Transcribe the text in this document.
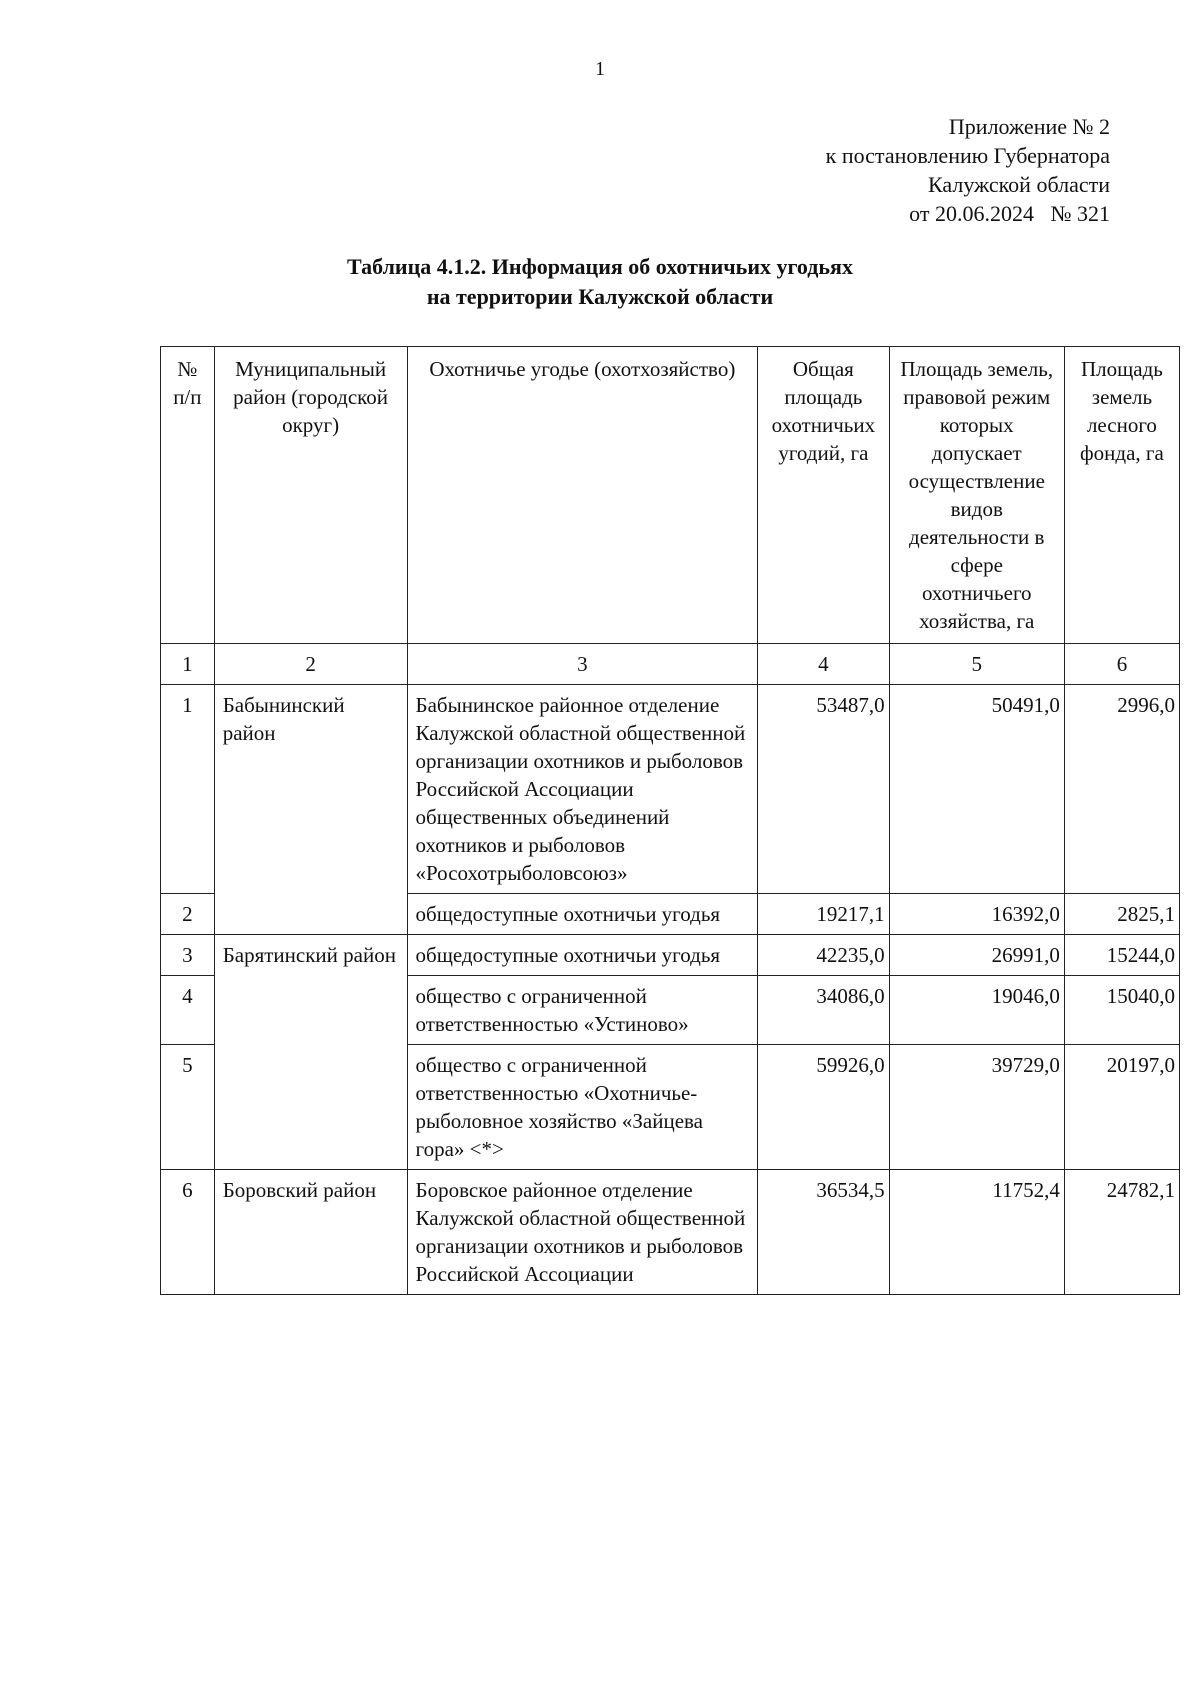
1
Приложение № 2
к постановлению Губернатора
Калужской области
от 20.06.2024   № 321
Таблица 4.1.2. Информация об охотничьих угодьях
на территории Калужской области
№ п/п	Муниципальный район (городской округ)	Охотничье угодье (охотхозяйство)	Общая площадь охотничьих угодий, га	Площадь земель, правовой режим которых допускает осуществление видов деятельности в сфере охотничьего хозяйства, га	Площадь земель лесного фонда, га
1	2	3	4	5	6
1	Бабынинский район	Бабынинское районное отделение Калужской областной общественной организации охотников и рыболовов Российской Ассоциации общественных объединений охотников и рыболовов «Росохотрыболовсоюз»	53487,0	50491,0	2996,0
2		общедоступные охотничьи угодья	19217,1	16392,0	2825,1
3	Барятинский район	общедоступные охотничьи угодья	42235,0	26991,0	15244,0
4		общество с ограниченной ответственностью «Устиново»	34086,0	19046,0	15040,0
5		общество с ограниченной ответственностью «Охотничье-рыболовное хозяйство «Зайцева гора» <*>	59926,0	39729,0	20197,0
6	Боровский район	Боровское районное отделение Калужской областной общественной организации охотников и рыболовов Российской Ассоциации	36534,5	11752,4	24782,1
